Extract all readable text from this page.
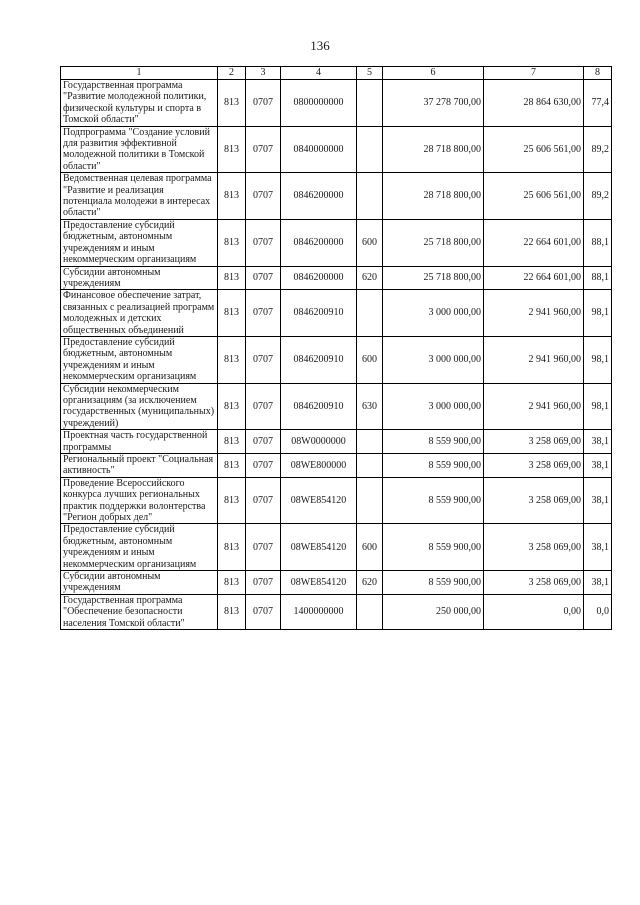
136
1	2	3	4	5	6	7	8
Государственная программа "Развитие молодежной политики, физической культуры и спорта в Томской области"	813	0707	0800000000		37 278 700,00	28 864 630,00	77,4
Подпрограмма "Создание условий для развития эффективной молодежной политики в Томской области"	813	0707	0840000000		28 718 800,00	25 606 561,00	89,2
Ведомственная целевая программа "Развитие и реализация потенциала молодежи в интересах области"	813	0707	0846200000		28 718 800,00	25 606 561,00	89,2
Предоставление субсидий бюджетным, автономным учреждениям и иным некоммерческим организациям	813	0707	0846200000	600	25 718 800,00	22 664 601,00	88,1
Субсидии автономным учреждениям	813	0707	0846200000	620	25 718 800,00	22 664 601,00	88,1
Финансовое обеспечение затрат, связанных с реализацией программ молодежных и детских общественных объединений	813	0707	0846200910		3 000 000,00	2 941 960,00	98,1
Предоставление субсидий бюджетным, автономным учреждениям и иным некоммерческим организациям	813	0707	0846200910	600	3 000 000,00	2 941 960,00	98,1
Субсидии некоммерческим организациям (за исключением государственных (муниципальных) учреждений)	813	0707	0846200910	630	3 000 000,00	2 941 960,00	98,1
Проектная часть государственной программы	813	0707	08W0000000		8 559 900,00	3 258 069,00	38,1
Региональный проект "Социальная активность"	813	0707	08WE800000		8 559 900,00	3 258 069,00	38,1
Проведение Всероссийского конкурса лучших региональных практик поддержки волонтерства "Регион добрых дел"	813	0707	08WE854120		8 559 900,00	3 258 069,00	38,1
Предоставление субсидий бюджетным, автономным учреждениям и иным некоммерческим организациям	813	0707	08WE854120	600	8 559 900,00	3 258 069,00	38,1
Субсидии автономным учреждениям	813	0707	08WE854120	620	8 559 900,00	3 258 069,00	38,1
Государственная программа "Обеспечение безопасности населения Томской области"	813	0707	1400000000		250 000,00	0,00	0,0
